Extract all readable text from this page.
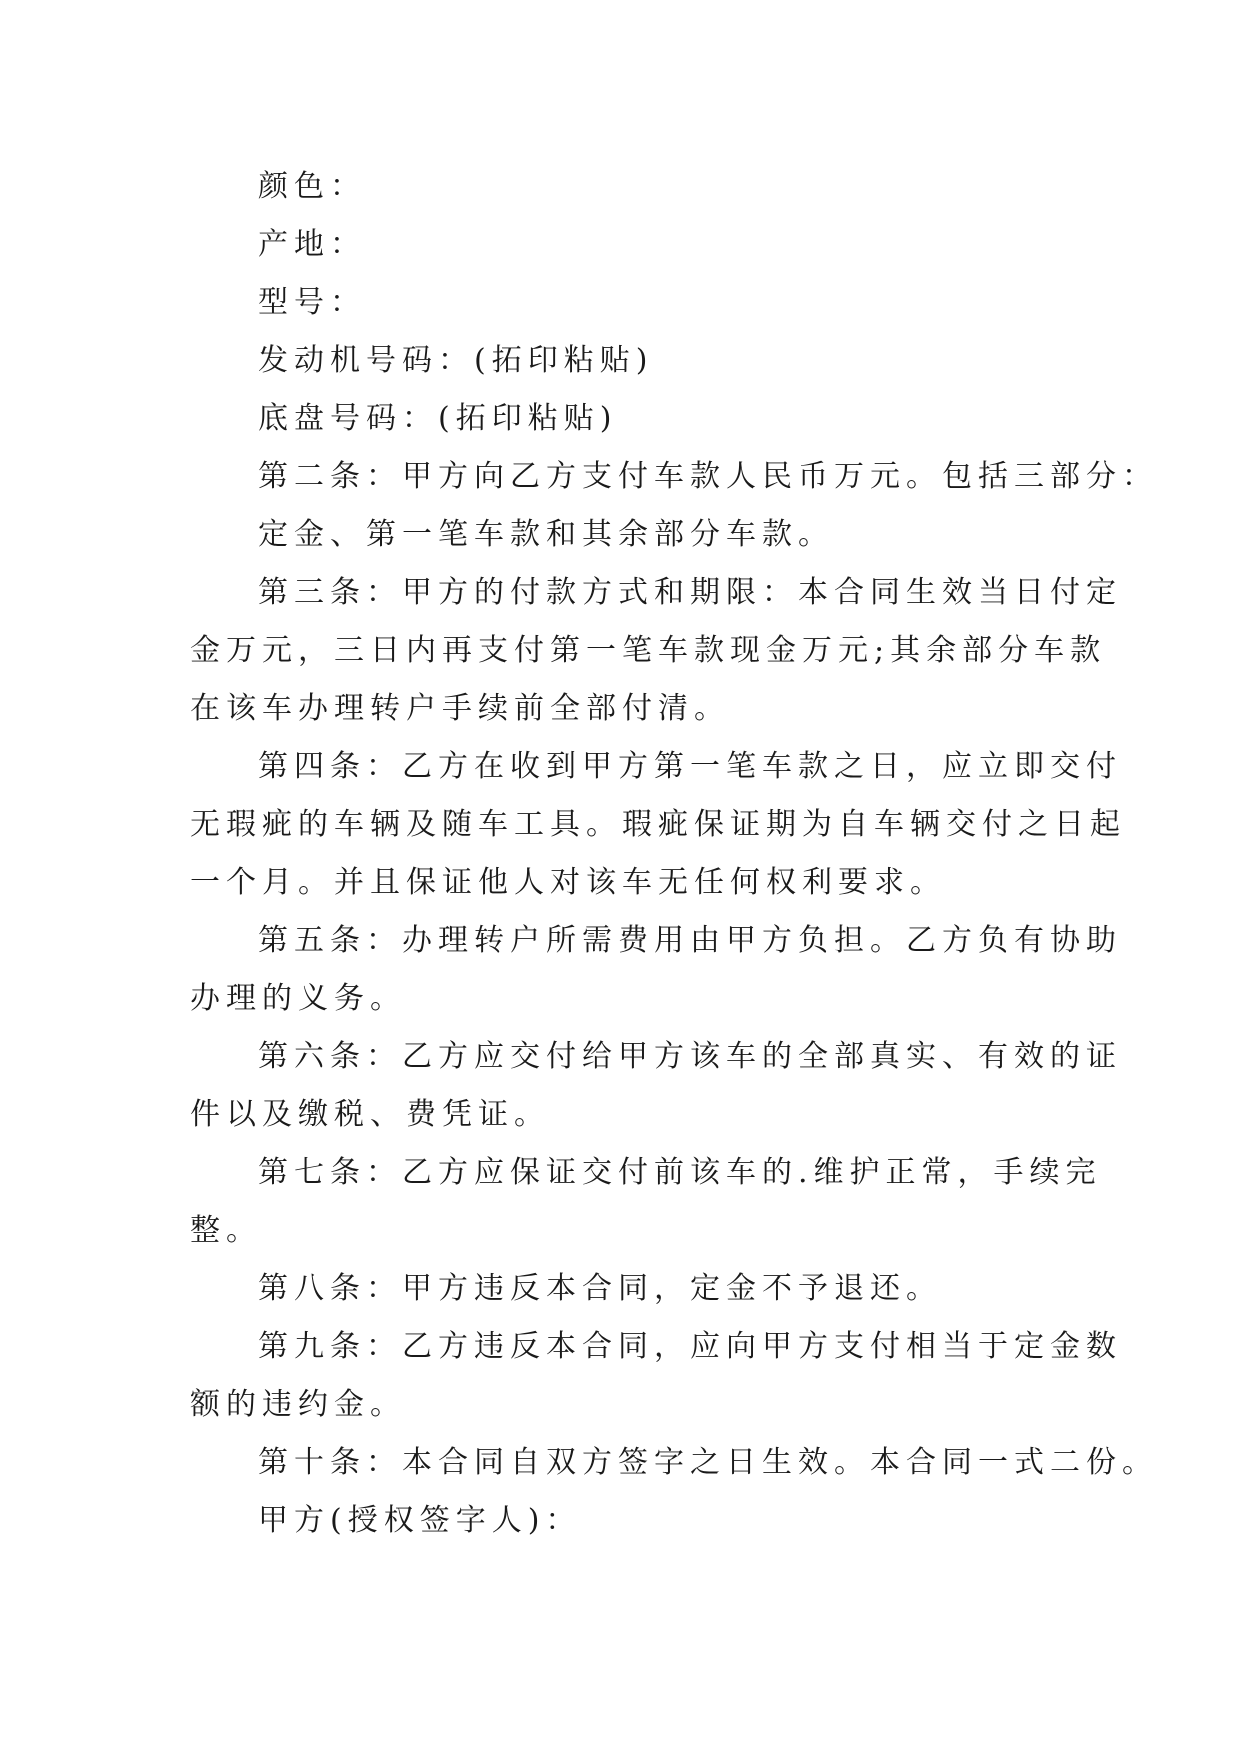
颜色：

产地：

型号：

发动机号码：(拓印粘贴)

底盘号码：(拓印粘贴)

第二条：甲方向乙方支付车款人民币万元。包括三部分：

定金、第一笔车款和其余部分车款。

第三条：甲方的付款方式和期限：本合同生效当日付定

金万元，三日内再支付第一笔车款现金万元;其余部分车款

在该车办理转户手续前全部付清。

第四条：乙方在收到甲方第一笔车款之日，应立即交付

无瑕疵的车辆及随车工具。瑕疵保证期为自车辆交付之日起

一个月。并且保证他人对该车无任何权利要求。

第五条：办理转户所需费用由甲方负担。乙方负有协助

办理的义务。

第六条：乙方应交付给甲方该车的全部真实、有效的证

件以及缴税、费凭证。

第七条：乙方应保证交付前该车的.维护正常，手续完

整。

第八条：甲方违反本合同，定金不予退还。

第九条：乙方违反本合同，应向甲方支付相当于定金数

额的违约金。

第十条：本合同自双方签字之日生效。本合同一式二份。

甲方(授权签字人)：
